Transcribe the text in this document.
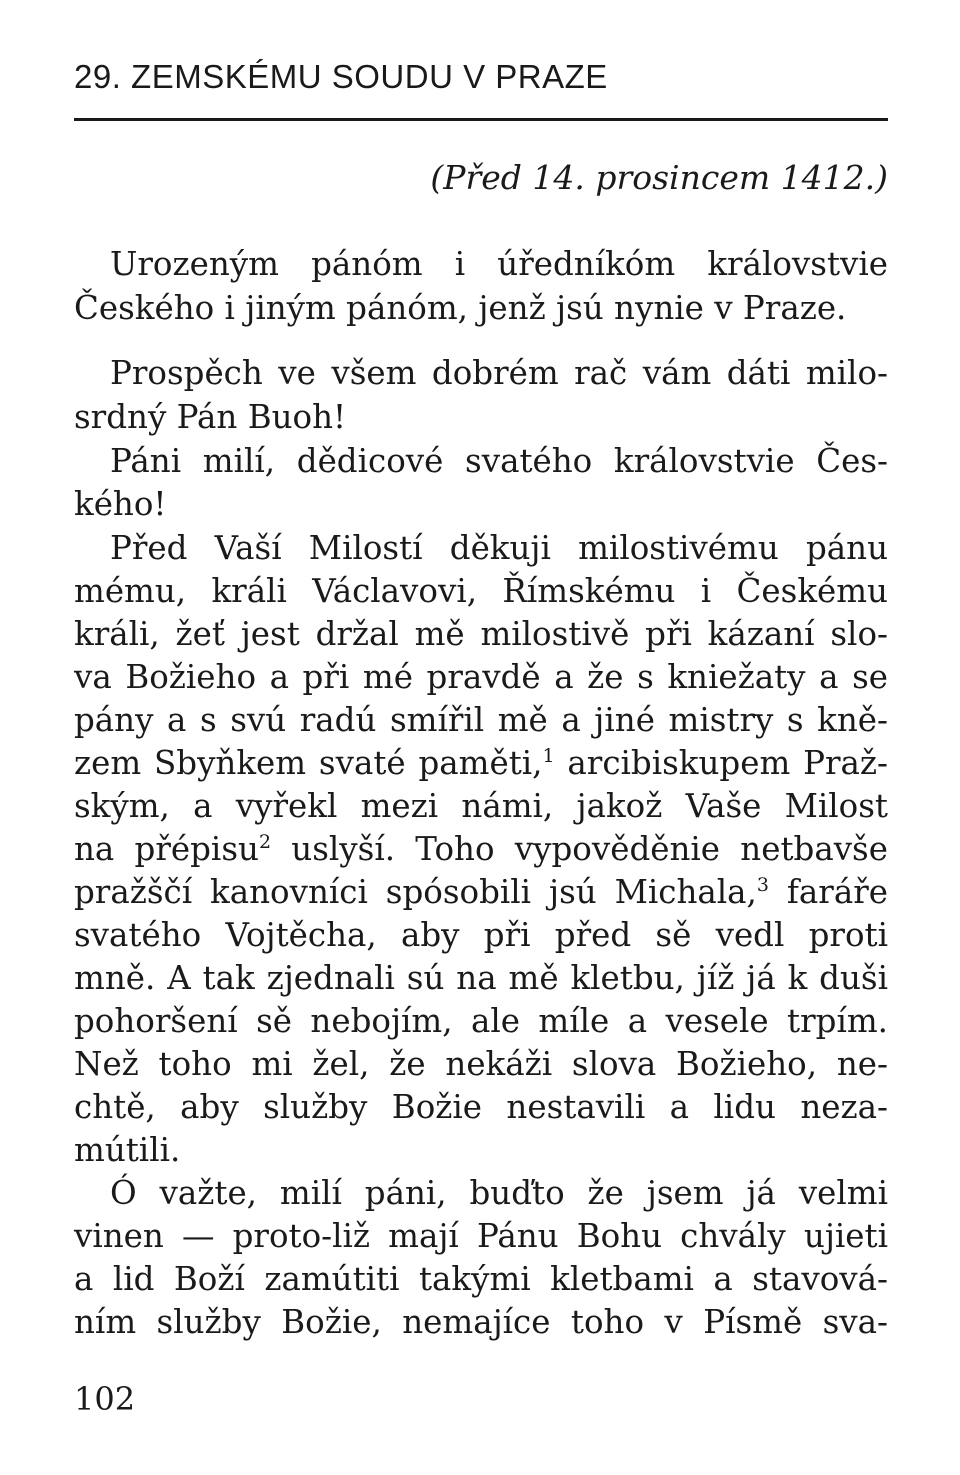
29. ZEMSKÉMU SOUDU V PRAZE
(Před 14. prosincem 1412.)
Urozeným pánóm i úředníkóm královstvie
Českého i jiným pánóm, jenž jsú nynie v Praze.
Prospěch ve všem dobrém rač vám dáti milo-
srdný Pán Buoh!
Páni milí, dědicové svatého královstvie Čes-
kého!
Před Vaší Milostí děkuji milostivému pánu
mému, králi Václavovi, Římskému i Českému
králi, žeť jest držal mě milostivě při kázaní slo-
va Božieho a při mé pravdě a že s kniežaty a se
pány a s svú radú smířil mě a jiné mistry s kně-
zem Sbyňkem svaté paměti,$^1$ arcibiskupem Praž-
ským, a vyřekl mezi námi, jakož Vaše Milost
na přépisu$^2$ uslyší. Toho vypověděnie netbavše
pražščí kanovníci spósobili jsú Michala,$^3$ faráře
svatého Vojtěcha, aby při před sě vedl proti
mně. A tak zjednali sú na mě kletbu, jíž já k duši
pohoršení sě nebojím, ale míle a vesele trpím.
Než toho mi žel, že nekáži slova Božieho, ne-
chtě, aby služby Božie nestavili a lidu neza-
mútili.
Ó važte, milí páni, buďto že jsem já velmi
vinen — proto-liž mají Pánu Bohu chvály ujieti
a lid Boží zamútiti takými kletbami a stavová-
ním služby Božie, nemajíce toho v Písmě sva-
102
